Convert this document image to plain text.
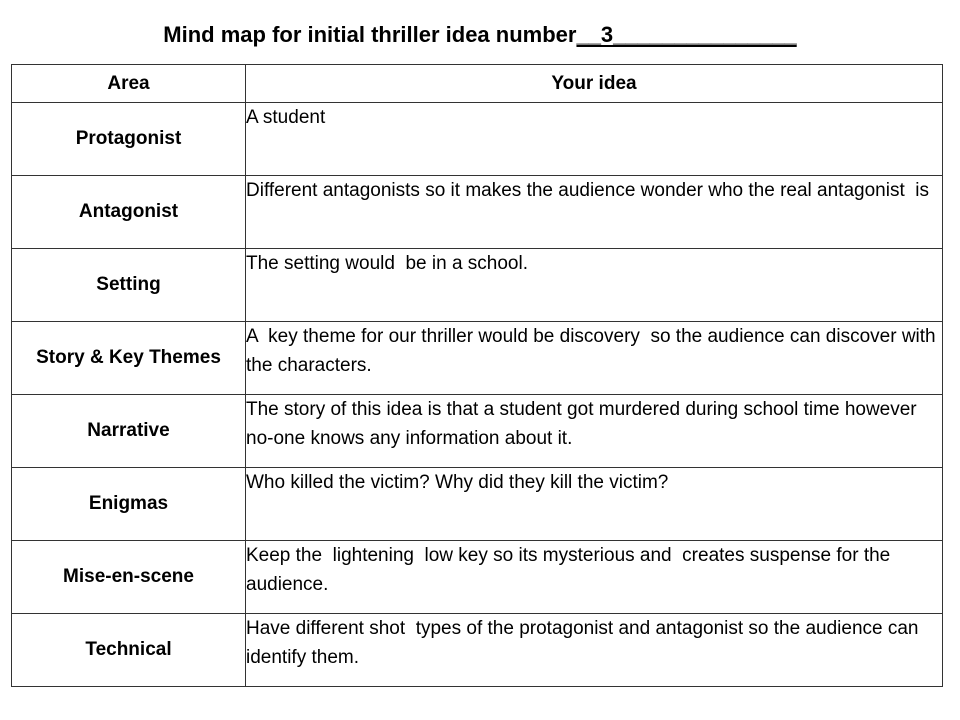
Mind map for initial thriller idea number__3_______________
Area	Your idea
Protagonist	A student
Antagonist	Different antagonists so it makes the audience wonder who the real antagonist  is
Setting	The setting would  be in a school.
Story & Key Themes	A  key theme for our thriller would be discovery  so the audience can discover with the characters.
Narrative	The story of this idea is that a student got murdered during school time however no-one knows any information about it.
Enigmas	Who killed the victim? Why did they kill the victim?
Mise-en-scene	Keep the  lightening  low key so its mysterious and  creates suspense for the audience.
Technical	Have different shot  types of the protagonist and antagonist so the audience can identify them.
